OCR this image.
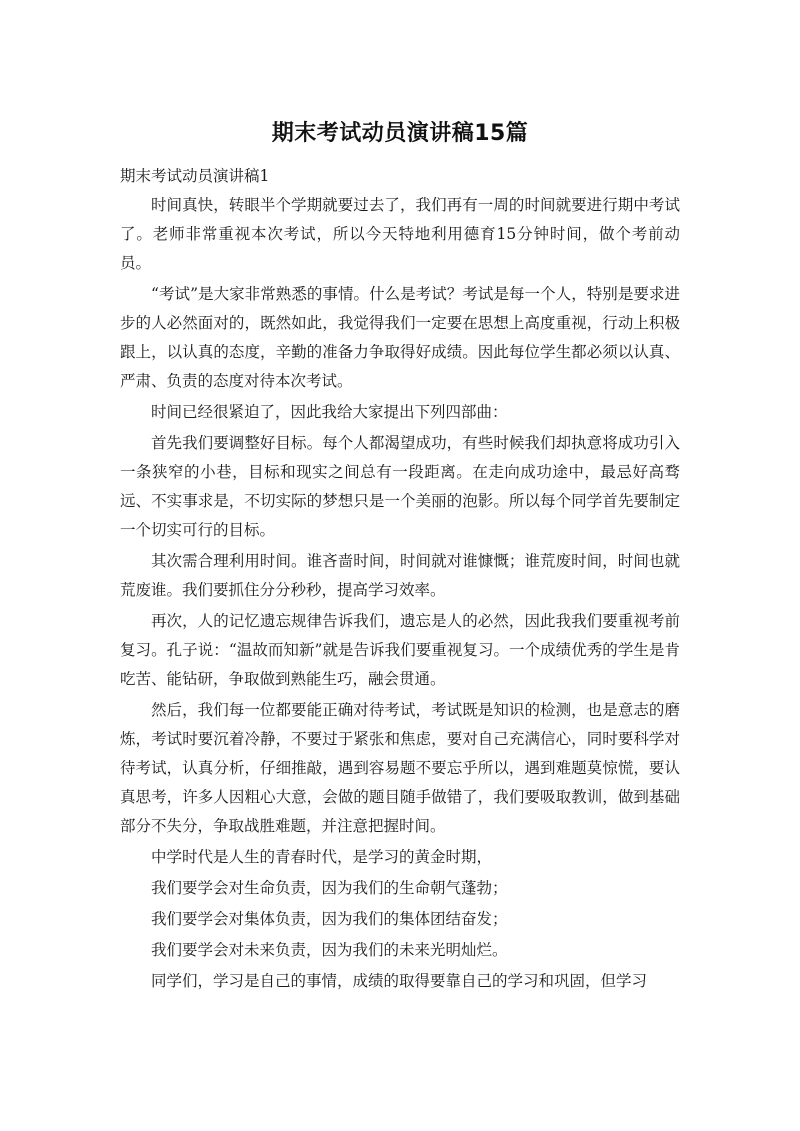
期末考试动员演讲稿15篇

期末考试动员演讲稿1

时间真快，转眼半个学期就要过去了，我们再有一周的时间就要进行期中考试了。老师非常重视本次考试，所以今天特地利用德育15分钟时间，做个考前动员。

“考试”是大家非常熟悉的事情。什么是考试？考试是每一个人，特别是要求进步的人必然面对的，既然如此，我觉得我们一定要在思想上高度重视，行动上积极跟上，以认真的态度，辛勤的准备力争取得好成绩。因此每位学生都必须以认真、严肃、负责的态度对待本次考试。

时间已经很紧迫了，因此我给大家提出下列四部曲：

首先我们要调整好目标。每个人都渴望成功，有些时候我们却执意将成功引入一条狭窄的小巷，目标和现实之间总有一段距离。在走向成功途中，最忌好高骛远、不实事求是，不切实际的梦想只是一个美丽的泡影。所以每个同学首先要制定一个切实可行的目标。

其次需合理利用时间。谁吝啬时间，时间就对谁慷慨；谁荒废时间，时间也就荒废谁。我们要抓住分分秒秒，提高学习效率。

再次，人的记忆遗忘规律告诉我们，遗忘是人的必然，因此我我们要重视考前复习。孔子说：“温故而知新”就是告诉我们要重视复习。一个成绩优秀的学生是肯吃苦、能钻研，争取做到熟能生巧，融会贯通。

然后，我们每一位都要能正确对待考试，考试既是知识的检测，也是意志的磨炼，考试时要沉着冷静，不要过于紧张和焦虑，要对自己充满信心，同时要科学对待考试，认真分析，仔细推敲，遇到容易题不要忘乎所以，遇到难题莫惊慌，要认真思考，许多人因粗心大意，会做的题目随手做错了，我们要吸取教训，做到基础部分不失分，争取战胜难题，并注意把握时间。

中学时代是人生的青春时代，是学习的黄金时期，

我们要学会对生命负责，因为我们的生命朝气蓬勃；

我们要学会对集体负责，因为我们的集体团结奋发；

我们要学会对未来负责，因为我们的未来光明灿烂。

同学们，学习是自己的事情，成绩的取得要靠自己的学习和巩固，但学习
